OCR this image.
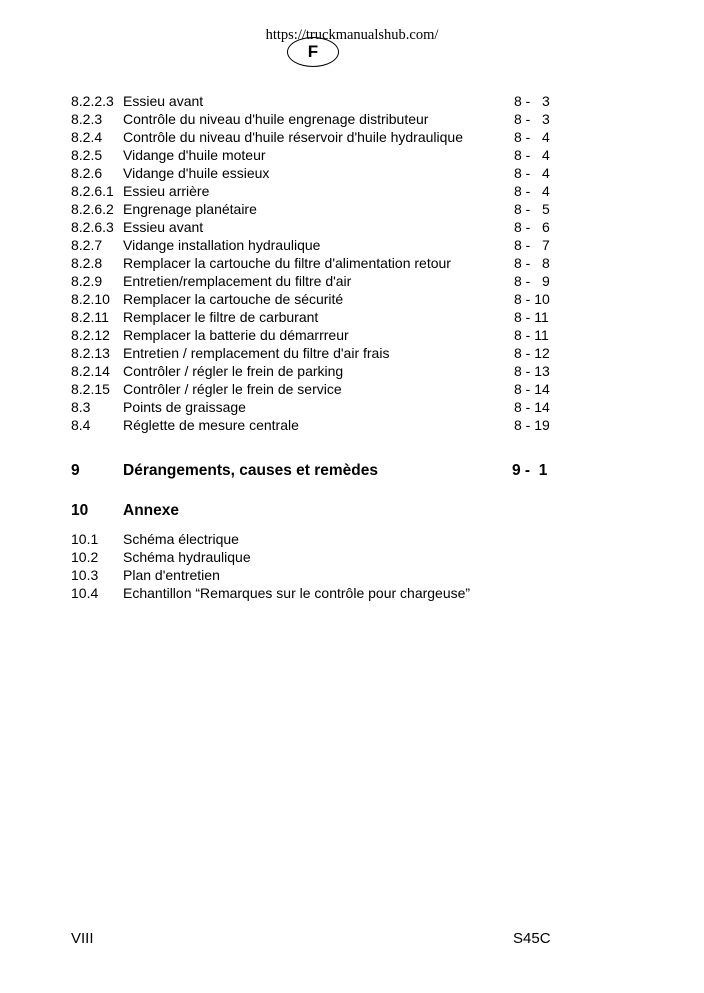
https://truckmanualshub.com/
F
8.2.2.3 Essieu avant	8 -   3
8.2.3 Contrôle du niveau d'huile engrenage distributeur	8 -   3
8.2.4 Contrôle du niveau d'huile réservoir d'huile hydraulique	8 -   4
8.2.5 Vidange d'huile moteur	8 -   4
8.2.6 Vidange d'huile essieux	8 -   4
8.2.6.1 Essieu arrière	8 -   4
8.2.6.2 Engrenage planétaire	8 -   5
8.2.6.3 Essieu avant	8 -   6
8.2.7 Vidange installation hydraulique	8 -   7
8.2.8 Remplacer la cartouche du filtre d'alimentation retour	8 -   8
8.2.9 Entretien/remplacement du filtre d'air	8 -   9
8.2.10 Remplacer la cartouche de sécurité	8 - 10
8.2.11 Remplacer le filtre de carburant	8 - 11
8.2.12 Remplacer la batterie du démarrreur	8 - 11
8.2.13 Entretien / remplacement du filtre d'air frais	8 - 12
8.2.14 Contrôler / régler le frein de parking	8 - 13
8.2.15 Contrôler / régler le frein de service	8 - 14
8.3 Points de graissage	8 - 14
8.4 Réglette de mesure centrale	8 - 19
9	Dérangements, causes et remèdes	9 -  1
10 Annexe
10.1 Schéma électrique
10.2 Schéma hydraulique
10.3 Plan d'entretien
10.4 Echantillon “Remarques sur le contrôle pour chargeuse”
VIII	S45C
